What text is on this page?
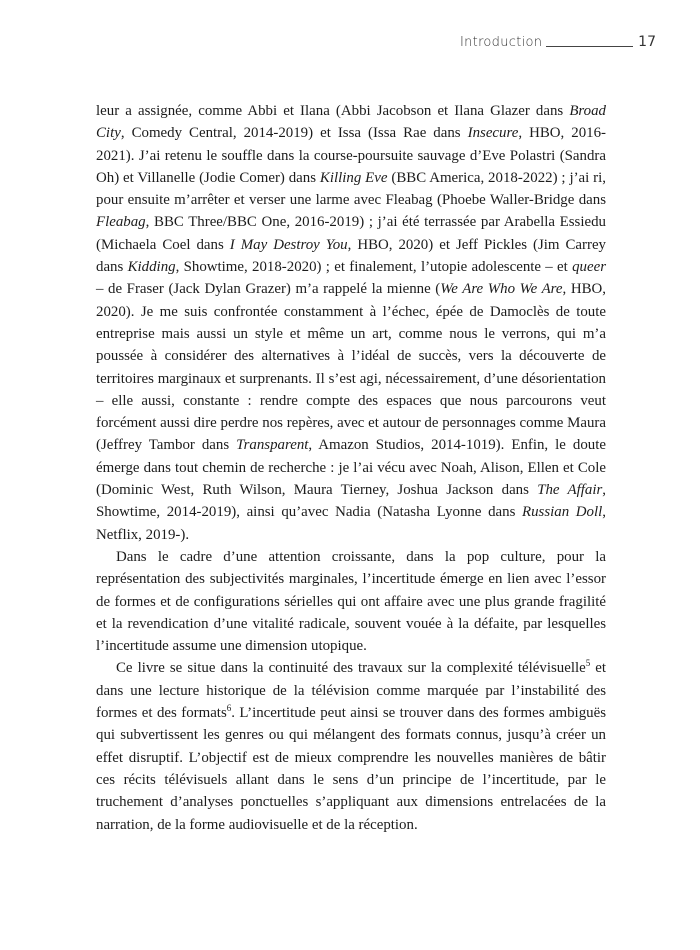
Introduction	17

leur a assignée, comme Abbi et Ilana (Abbi Jacobson et Ilana Glazer dans Broad City, Comedy Central, 2014-2019) et Issa (Issa Rae dans Insecure, HBO, 2016-2021). J’ai retenu le souffle dans la course-poursuite sauvage d’Eve Polastri (Sandra Oh) et Villanelle (Jodie Comer) dans Killing Eve (BBC America, 2018-2022) ; j’ai ri, pour ensuite m’arrêter et verser une larme avec Fleabag (Phoebe Waller-Bridge dans Fleabag, BBC Three/BBC One, 2016-2019) ; j’ai été terrassée par Arabella Essiedu (Michaela Coel dans I May Destroy You, HBO, 2020) et Jeff Pickles (Jim Carrey dans Kidding, Showtime, 2018-2020) ; et finalement, l’utopie adolescente – et queer – de Fraser (Jack Dylan Grazer) m’a rappelé la mienne (We Are Who We Are, HBO, 2020). Je me suis confrontée constamment à l’échec, épée de Damoclès de toute entreprise mais aussi un style et même un art, comme nous le verrons, qui m’a poussée à considérer des alternatives à l’idéal de succès, vers la découverte de territoires marginaux et surprenants. Il s’est agi, nécessairement, d’une désorientation – elle aussi, constante : rendre compte des espaces que nous parcourons veut forcément aussi dire perdre nos repères, avec et autour de personnages comme Maura (Jeffrey Tambor dans Transparent, Amazon Studios, 2014-1019). Enfin, le doute émerge dans tout chemin de recherche : je l’ai vécu avec Noah, Alison, Ellen et Cole (Dominic West, Ruth Wilson, Maura Tierney, Joshua Jackson dans The Affair, Showtime, 2014-2019), ainsi qu’avec Nadia (Natasha Lyonne dans Russian Doll, Netflix, 2019-).

Dans le cadre d’une attention croissante, dans la pop culture, pour la représentation des subjectivités marginales, l’incertitude émerge en lien avec l’essor de formes et de configurations sérielles qui ont affaire avec une plus grande fragilité et la revendication d’une vitalité radicale, souvent vouée à la défaite, par lesquelles l’incertitude assume une dimension utopique.

Ce livre se situe dans la continuité des travaux sur la complexité télévisuelle$^5$ et dans une lecture historique de la télévision comme marquée par l’instabilité des formes et des formats$^6$. L’incertitude peut ainsi se trouver dans des formes ambiguës qui subvertissent les genres ou qui mélangent des formats connus, jusqu’à créer un effet disruptif. L’objectif est de mieux comprendre les nouvelles manières de bâtir ces récits télévisuels allant dans le sens d’un principe de l’incertitude, par le truchement d’analyses ponctuelles s’appliquant aux dimensions entrelacées de la narration, de la forme audiovisuelle et de la réception.
